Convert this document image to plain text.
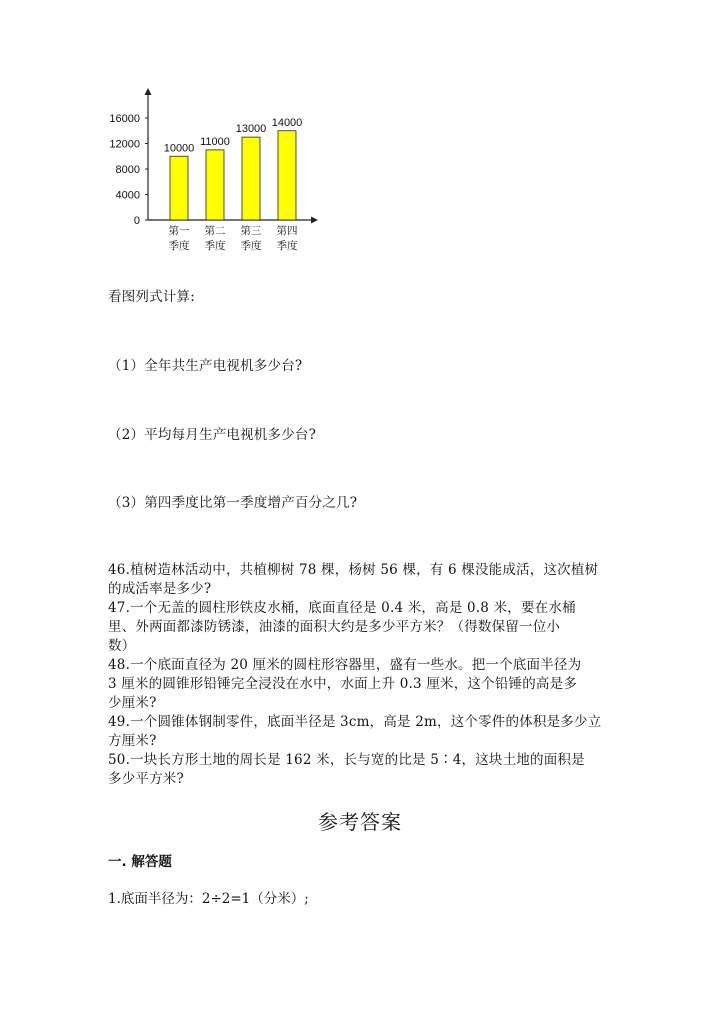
0
4000
8000
12000
16000
10000
第一
季度
11000
第二
季度
13000
第三
季度
14000
第四
季度
看图列式计算:
（1）全年共生产电视机多少台?
（2）平均每月生产电视机多少台?
（3）第四季度比第一季度增产百分之几?
46.植树造林活动中，共植柳树 78 棵，杨树 56 棵，有 6 棵没能成活，这次植树
的成活率是多少?
47.一个无盖的圆柱形铁皮水桶，底面直径是 0.4 米，高是 0.8 米，要在水桶
里、外两面都漆防锈漆，油漆的面积大约是多少平方米？（得数保留一位小
数）
48.一个底面直径为 20 厘米的圆柱形容器里，盛有一些水。把一个底面半径为
3 厘米的圆锥形铅锤完全浸没在水中，水面上升 0.3 厘米，这个铅锤的高是多
少厘米?
49.一个圆锥体钢制零件，底面半径是 3cm，高是 2m，这个零件的体积是多少立
方厘米?
50.一块长方形土地的周长是 162 米，长与宽的比是 5∶4，这块土地的面积是
多少平方米?
参考答案
一. 解答题
1.底面半径为：2÷2=1（分米）;
